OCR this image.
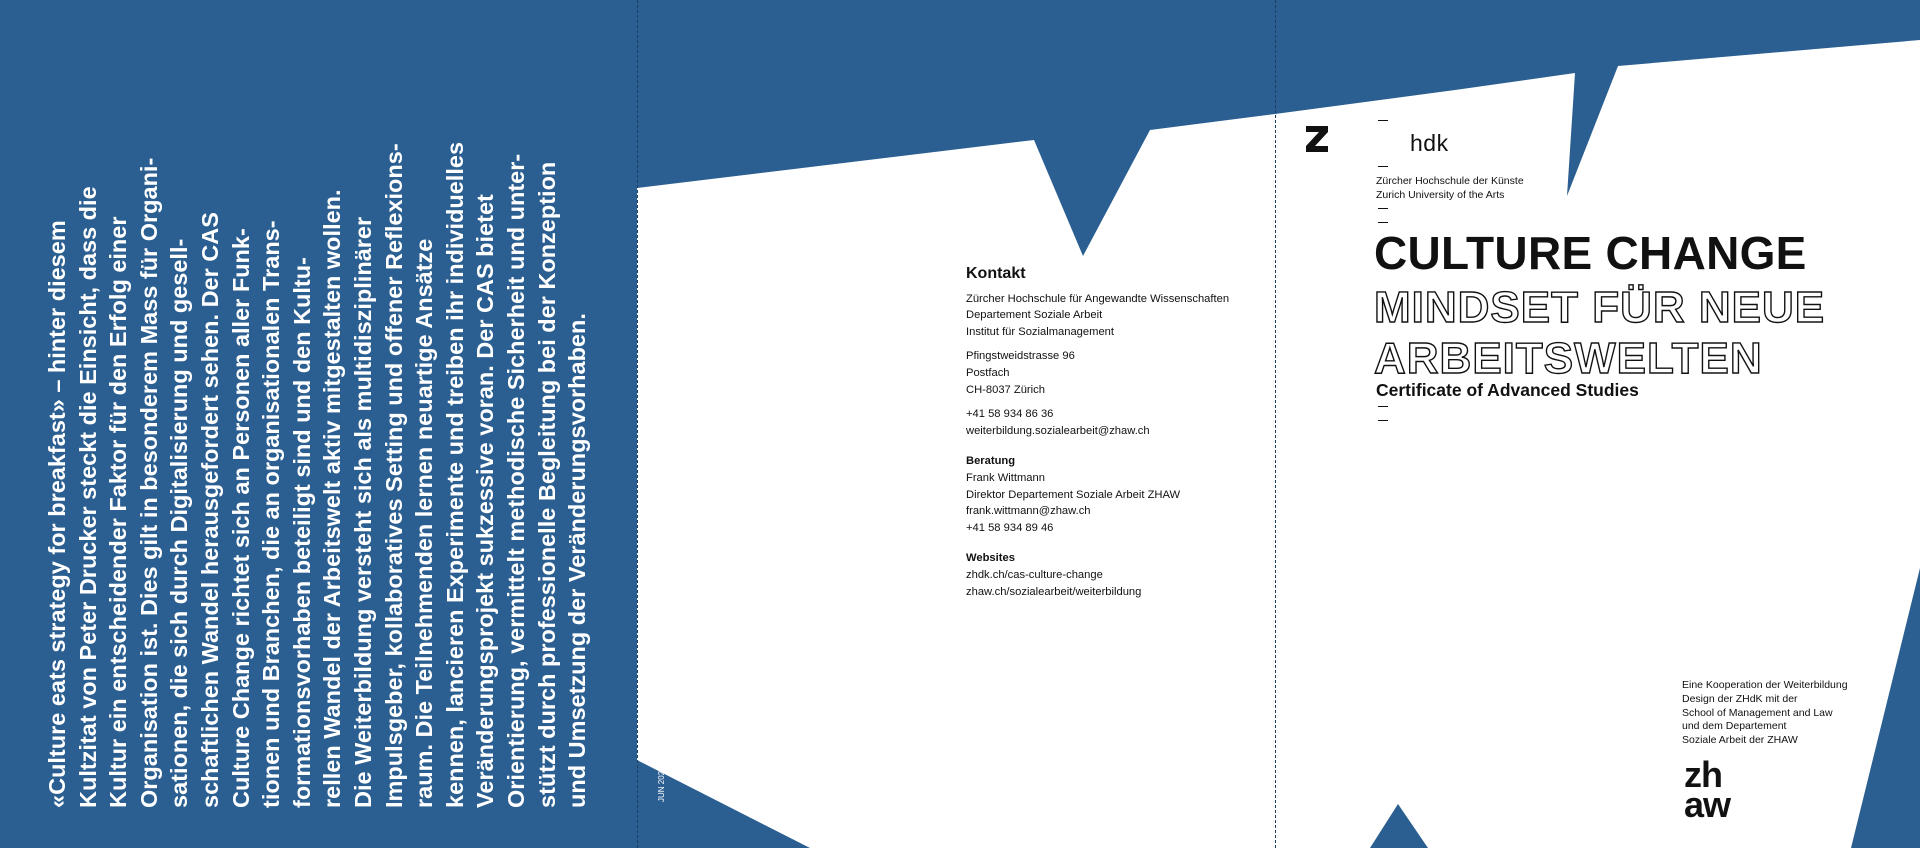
«Culture eats strategy for breakfast» – hinter diesem Kultzitat von Peter Drucker steckt die Einsicht, dass die Kultur ein entscheidender Faktor für den Erfolg einer Organisation ist. Dies gilt in besonderem Mass für Organi- sationen, die sich durch Digitalisierung und gesell- schaftlichen Wandel herausgefordert sehen. Der CAS Culture Change richtet sich an Personen aller Funk- tionen und Branchen, die an organisationalen Trans- formationsvorhaben beteiligt sind und den Kultu- rellen Wandel der Arbeitswelt aktiv mitgestalten wollen. Die Weiterbildung versteht sich als multidisziplinärer Impulsgeber, kollaboratives Setting und offener Reflexions- raum. Die Teilnehmenden lernen neuartige Ansätze kennen, lancieren Experimente und treiben ihr individuelles Veränderungsprojekt sukzessive voran. Der CAS bietet Orientierung, vermittelt methodische Sicherheit und unter- stützt durch professionelle Begleitung bei der Konzeption und Umsetzung der Veränderungsvorhaben.	JUN 2025, SMA, Änderungen bleiben vorbehalten
Kontakt
Zürcher Hochschule für Angewandte Wissenschaften
Departement Soziale Arbeit
Institut für Sozialmanagement
Pfingstweidstrasse 96
Postfach
CH-8037 Zürich
+41 58 934 86 36
weiterbildung.sozialearbeit@zhaw.ch
Beratung
Frank Wittmann
Direktor Departement Soziale Arbeit ZHAW
frank.wittmann@zhaw.ch
+41 58 934 89 46
Websites
zhdk.ch/cas-culture-change
zhaw.ch/sozialearbeit/weiterbildung
hdk
Zürcher Hochschule der Künste
Zurich University of the Arts
CULTURE CHANGE
MINDSET FÜR NEUE
ARBEITSWELTEN
Certificate of Advanced Studies
Eine Kooperation der Weiterbildung
Design der ZHdK mit der
School of Management and Law
und dem Departement
Soziale Arbeit der ZHAW
zh
aw
